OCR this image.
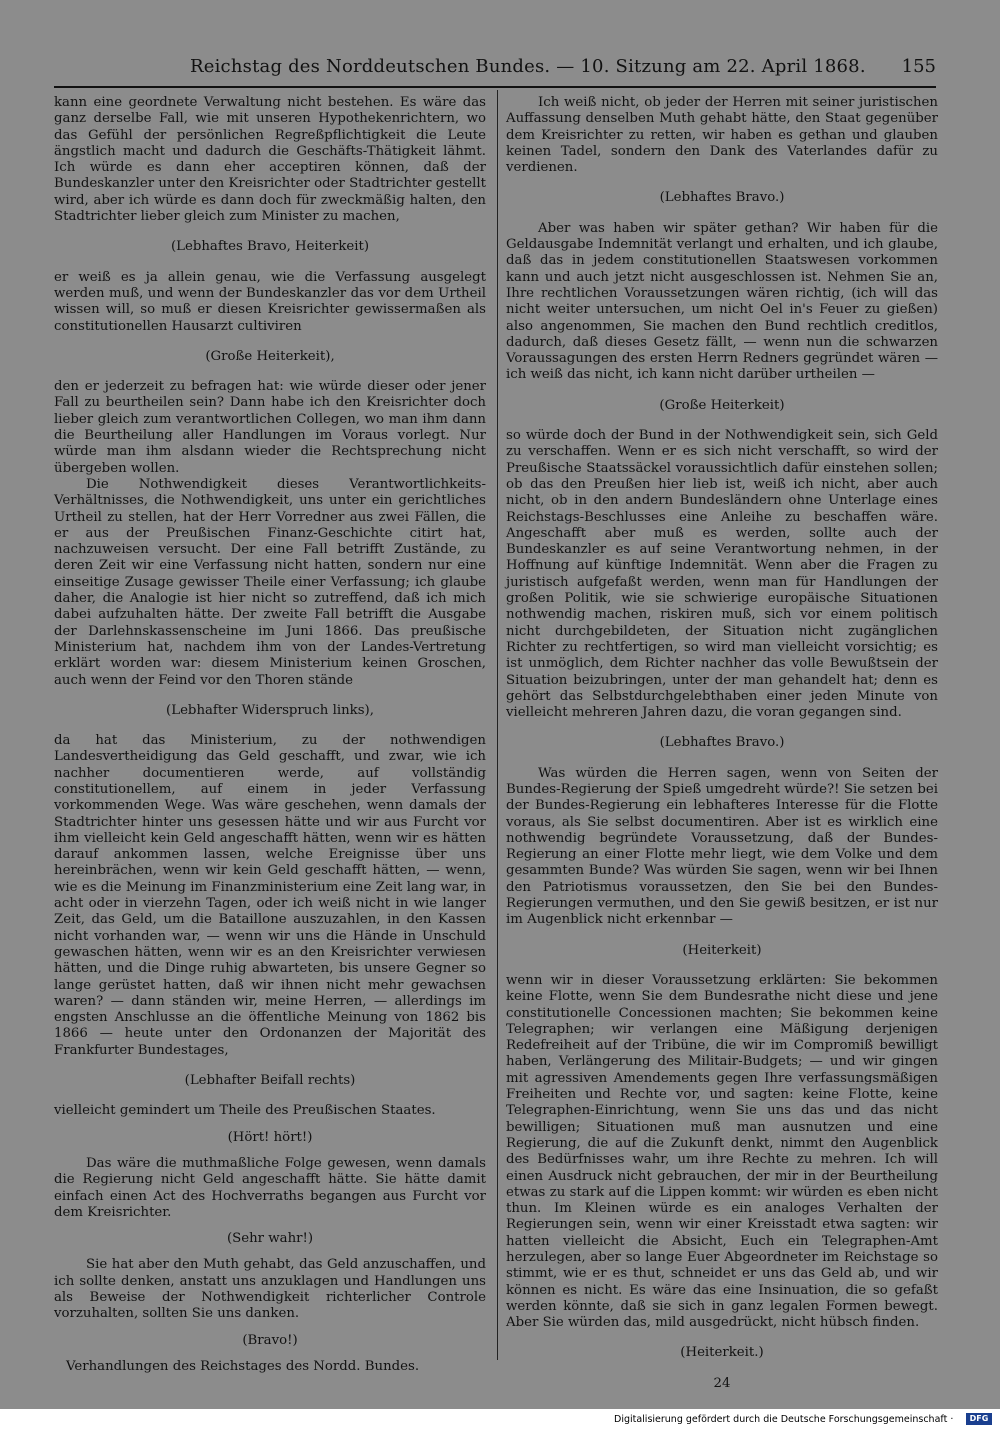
Reichstag des Norddeutschen Bundes. — 10. Sitzung am 22. April 1868. 155

kann eine geordnete Verwaltung nicht bestehen. Es wäre das ganz derselbe Fall, wie mit unseren Hypothekenrichtern, wo das Gefühl der persönlichen Regreßpflichtigkeit die Leute ängstlich macht und dadurch die Geschäfts-Thätigkeit lähmt. Ich würde es dann eher acceptiren können, daß der Bundeskanzler unter den Kreisrichter oder Stadtrichter gestellt wird, aber ich würde es dann doch für zweckmäßig halten, den Stadtrichter lieber gleich zum Minister zu machen,

(Lebhaftes Bravo, Heiterkeit)

er weiß es ja allein genau, wie die Verfassung ausgelegt werden muß, und wenn der Bundeskanzler das vor dem Urtheil wissen will, so muß er diesen Kreisrichter gewissermaßen als constitutionellen Hausarzt cultiviren

(Große Heiterkeit),

den er jederzeit zu befragen hat: wie würde dieser oder jener Fall zu beurtheilen sein? Dann habe ich den Kreisrichter doch lieber gleich zum verantwortlichen Collegen, wo man ihm dann die Beurtheilung aller Handlungen im Voraus vorlegt. Nur würde man ihm alsdann wieder die Rechtsprechung nicht übergeben wollen.

Die Nothwendigkeit dieses Verantwortlichkeits-Verhältnisses, die Nothwendigkeit, uns unter ein gerichtliches Urtheil zu stellen, hat der Herr Vorredner aus zwei Fällen, die er aus der Preußischen Finanz-Geschichte citirt hat, nachzuweisen versucht. Der eine Fall betrifft Zustände, zu deren Zeit wir eine Verfassung nicht hatten, sondern nur eine einseitige Zusage gewisser Theile einer Verfassung; ich glaube daher, die Analogie ist hier nicht so zutreffend, daß ich mich dabei aufzuhalten hätte. Der zweite Fall betrifft die Ausgabe der Darlehnskassenscheine im Juni 1866. Das preußische Ministerium hat, nachdem ihm von der Landes-Vertretung erklärt worden war: diesem Ministerium keinen Groschen, auch wenn der Feind vor den Thoren stände

(Lebhafter Widerspruch links),

da hat das Ministerium, zu der nothwendigen Landesvertheidigung das Geld geschafft, und zwar, wie ich nachher documentieren werde, auf vollständig constitutionellem, auf einem in jeder Verfassung vorkommenden Wege. Was wäre geschehen, wenn damals der Stadtrichter hinter uns gesessen hätte und wir aus Furcht vor ihm vielleicht kein Geld angeschafft hätten, wenn wir es hätten darauf ankommen lassen, welche Ereignisse über uns hereinbrächen, wenn wir kein Geld geschafft hätten, — wenn, wie es die Meinung im Finanzministerium eine Zeit lang war, in acht oder in vierzehn Tagen, oder ich weiß nicht in wie langer Zeit, das Geld, um die Bataillone auszuzahlen, in den Kassen nicht vorhanden war, — wenn wir uns die Hände in Unschuld gewaschen hätten, wenn wir es an den Kreisrichter verwiesen hätten, und die Dinge ruhig abwarteten, bis unsere Gegner so lange gerüstet hatten, daß wir ihnen nicht mehr gewachsen waren? — dann ständen wir, meine Herren, — allerdings im engsten Anschlusse an die öffentliche Meinung von 1862 bis 1866 — heute unter den Ordonanzen der Majorität des Frankfurter Bundestages,

(Lebhafter Beifall rechts)

vielleicht gemindert um Theile des Preußischen Staates.

(Hört! hört!)

Das wäre die muthmaßliche Folge gewesen, wenn damals die Regierung nicht Geld angeschafft hätte. Sie hätte damit einfach einen Act des Hochverraths begangen aus Furcht vor dem Kreisrichter.

(Sehr wahr!)

Sie hat aber den Muth gehabt, das Geld anzuschaffen, und ich sollte denken, anstatt uns anzuklagen und Handlungen uns als Beweise der Nothwendigkeit richterlicher Controle vorzuhalten, sollten Sie uns danken.

(Bravo!)

Verhandlungen des Reichstages des Nordd. Bundes.

Ich weiß nicht, ob jeder der Herren mit seiner juristischen Auffassung denselben Muth gehabt hätte, den Staat gegenüber dem Kreisrichter zu retten, wir haben es gethan und glauben keinen Tadel, sondern den Dank des Vaterlandes dafür zu verdienen.

(Lebhaftes Bravo.)

Aber was haben wir später gethan? Wir haben für die Geldausgabe Indemnität verlangt und erhalten, und ich glaube, daß das in jedem constitutionellen Staatswesen vorkommen kann und auch jetzt nicht ausgeschlossen ist. Nehmen Sie an, Ihre rechtlichen Voraussetzungen wären richtig, (ich will das nicht weiter untersuchen, um nicht Oel in's Feuer zu gießen) also angenommen, Sie machen den Bund rechtlich creditlos, dadurch, daß dieses Gesetz fällt, — wenn nun die schwarzen Voraussagungen des ersten Herrn Redners gegründet wären — ich weiß das nicht, ich kann nicht darüber urtheilen —

(Große Heiterkeit)

so würde doch der Bund in der Nothwendigkeit sein, sich Geld zu verschaffen. Wenn er es sich nicht verschafft, so wird der Preußische Staatssäckel voraussichtlich dafür einstehen sollen; ob das den Preußen hier lieb ist, weiß ich nicht, aber auch nicht, ob in den andern Bundesländern ohne Unterlage eines Reichstags-Beschlusses eine Anleihe zu beschaffen wäre. Angeschafft aber muß es werden, sollte auch der Bundeskanzler es auf seine Verantwortung nehmen, in der Hoffnung auf künftige Indemnität. Wenn aber die Fragen zu juristisch aufgefaßt werden, wenn man für Handlungen der großen Politik, wie sie schwierige europäische Situationen nothwendig machen, riskiren muß, sich vor einem politisch nicht durchgebildeten, der Situation nicht zugänglichen Richter zu rechtfertigen, so wird man vielleicht vorsichtig; es ist unmöglich, dem Richter nachher das volle Bewußtsein der Situation beizubringen, unter der man gehandelt hat; denn es gehört das Selbstdurchgelebthaben einer jeden Minute von vielleicht mehreren Jahren dazu, die voran gegangen sind.

(Lebhaftes Bravo.)

Was würden die Herren sagen, wenn von Seiten der Bundes-Regierung der Spieß umgedreht würde?! Sie setzen bei der Bundes-Regierung ein lebhafteres Interesse für die Flotte voraus, als Sie selbst documentiren. Aber ist es wirklich eine nothwendig begründete Voraussetzung, daß der Bundes-Regierung an einer Flotte mehr liegt, wie dem Volke und dem gesammten Bunde? Was würden Sie sagen, wenn wir bei Ihnen den Patriotismus voraussetzen, den Sie bei den Bundes-Regierungen vermuthen, und den Sie gewiß besitzen, er ist nur im Augenblick nicht erkennbar —

(Heiterkeit)

wenn wir in dieser Voraussetzung erklärten: Sie bekommen keine Flotte, wenn Sie dem Bundesrathe nicht diese und jene constitutionelle Concessionen machten; Sie bekommen keine Telegraphen; wir verlangen eine Mäßigung derjenigen Redefreiheit auf der Tribüne, die wir im Compromiß bewilligt haben, Verlängerung des Militair-Budgets; — und wir gingen mit agressiven Amendements gegen Ihre verfassungsmäßigen Freiheiten und Rechte vor, und sagten: keine Flotte, keine Telegraphen-Einrichtung, wenn Sie uns das und das nicht bewilligen; Situationen muß man ausnutzen und eine Regierung, die auf die Zukunft denkt, nimmt den Augenblick des Bedürfnisses wahr, um ihre Rechte zu mehren. Ich will einen Ausdruck nicht gebrauchen, der mir in der Beurtheilung etwas zu stark auf die Lippen kommt: wir würden es eben nicht thun. Im Kleinen würde es ein analoges Verhalten der Regierungen sein, wenn wir einer Kreisstadt etwa sagten: wir hatten vielleicht die Absicht, Euch ein Telegraphen-Amt herzulegen, aber so lange Euer Abgeordneter im Reichstage so stimmt, wie er es thut, schneidet er uns das Geld ab, und wir können es nicht. Es wäre das eine Insinuation, die so gefaßt werden könnte, daß sie sich in ganz legalen Formen bewegt. Aber Sie würden das, mild ausgedrückt, nicht hübsch finden.

(Heiterkeit.)

24

Digitalisierung gefördert durch die Deutsche Forschungsgemeinschaft ·	DFG
